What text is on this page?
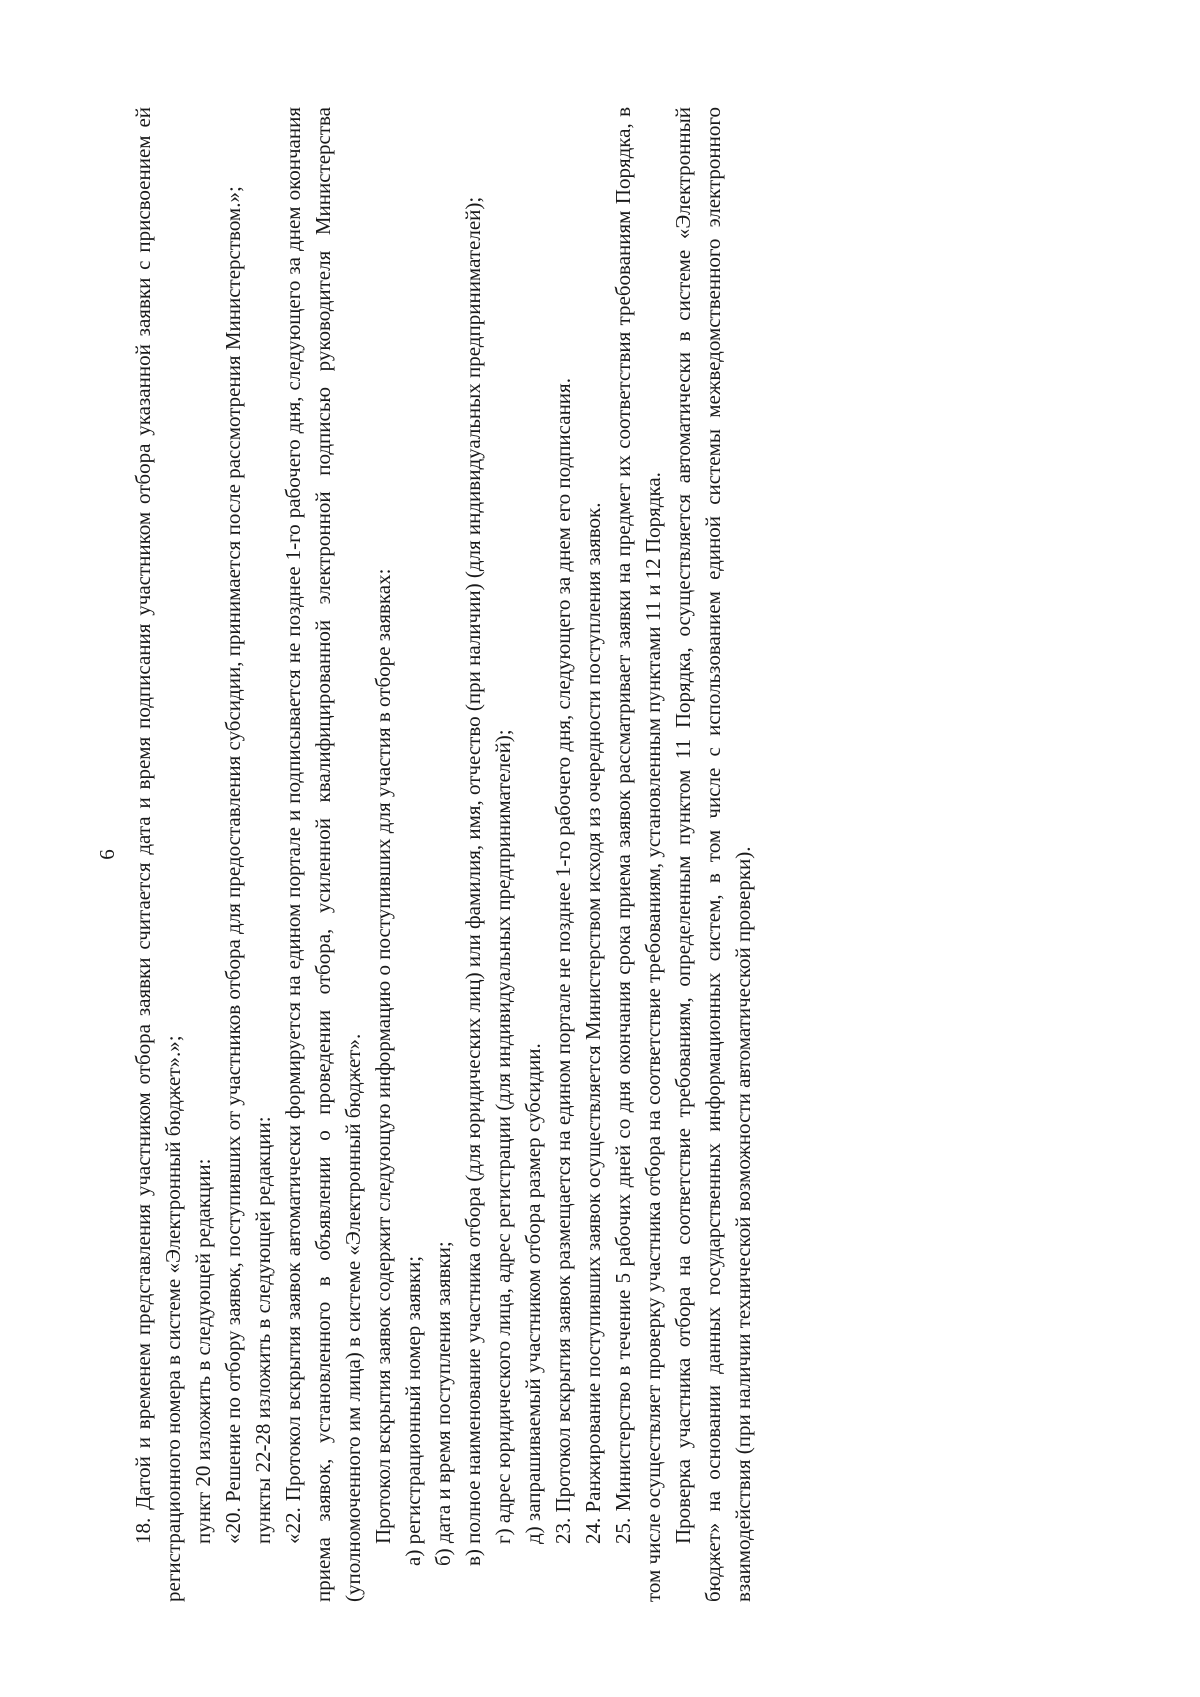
6 18. Датой и временем представления участником отбора заявки считается дата и время подписания участником отбора указанной заявки с присвоением ей регистрационного номера в системе «Электронный бюджет».»; пункт 20 изложить в следующей редакции: «20. Решение по отбору заявок, поступивших от участников отбора для предоставления субсидии, принимается после рассмотрения Министерством.»; пункты 22-28 изложить в следующей редакции: «22. Протокол вскрытия заявок автоматически формируется на едином портале и подписывается не позднее 1-го рабочего дня, следующего за днем окончания приема заявок, установленного в объявлении о проведении отбора, усиленной квалифицированной электронной подписью руководителя Министерства (уполномоченного им лица) в системе «Электронный бюджет». Протокол вскрытия заявок содержит следующую информацию о поступивших для участия в отборе заявках: а) регистрационный номер заявки; б) дата и время поступления заявки; в) полное наименование участника отбора (для юридических лиц) или фамилия, имя, отчество (при наличии) (для индивидуальных предпринимателей); г) адрес юридического лица, адрес регистрации (для индивидуальных предпринимателей); д) запрашиваемый участником отбора размер субсидии. 23. Протокол вскрытия заявок размещается на едином портале не позднее 1-го рабочего дня, следующего за днем его подписания. 24. Ранжирование поступивших заявок осуществляется Министерством исходя из очередности поступления заявок. 25. Министерство в течение 5 рабочих дней со дня окончания срока приема заявок рассматривает заявки на предмет их соответствия требованиям Порядка, в том числе осуществляет проверку участника отбора на соответствие требованиям, установленным пунктами 11 и 12 Порядка. Проверка участника отбора на соответствие требованиям, определенным пунктом 11 Порядка, осуществляется автоматически в системе «Электронный бюджет» на основании данных государственных информационных систем, в том числе с использованием единой системы межведомственного электронного взаимодействия (при наличии технической возможности автоматической проверки).
